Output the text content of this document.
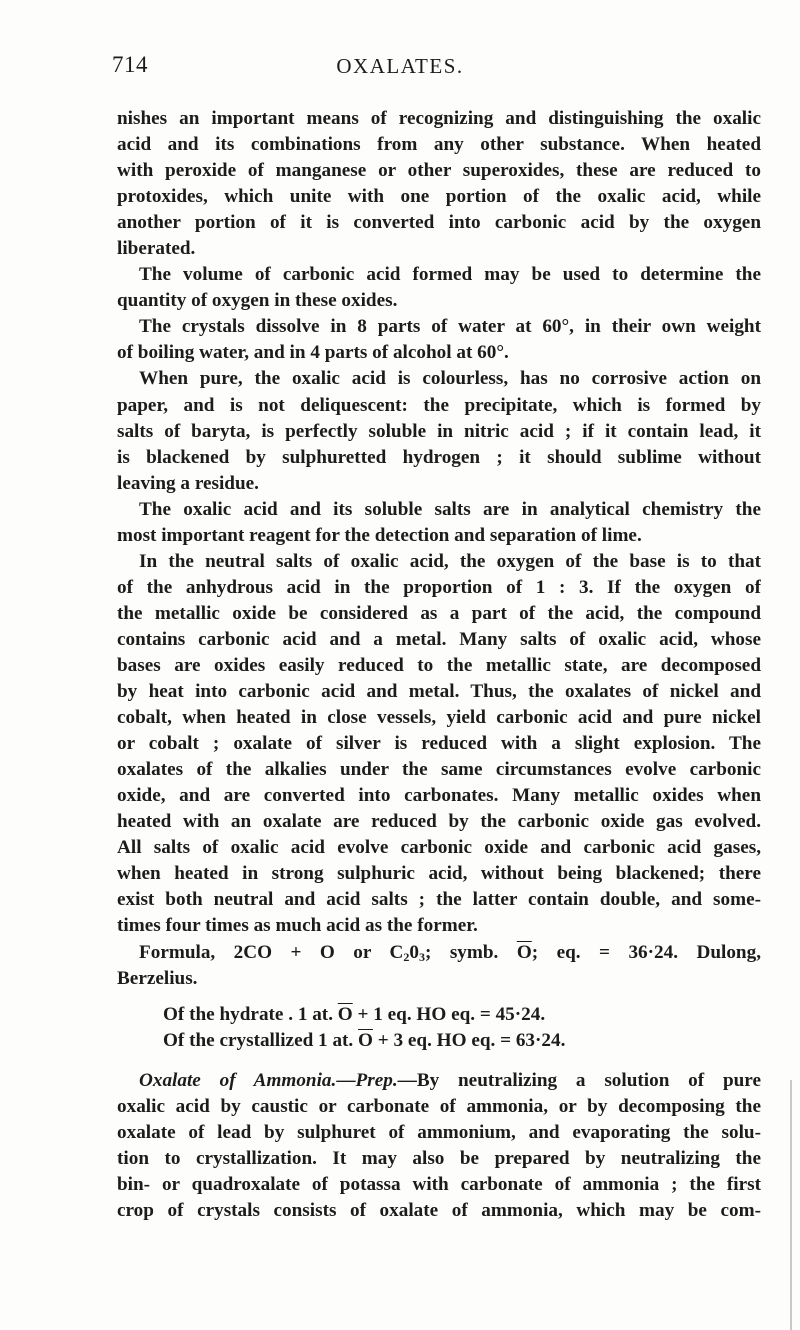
714	OXALATES.
nishes an important means of recognizing and distinguishing the oxalic
acid and its combinations from any other substance. When heated
with peroxide of manganese or other superoxides, these are reduced to
protoxides, which unite with one portion of the oxalic acid, while
another portion of it is converted into carbonic acid by the oxygen
liberated.
The volume of carbonic acid formed may be used to determine the
quantity of oxygen in these oxides.
The crystals dissolve in 8 parts of water at 60°, in their own weight
of boiling water, and in 4 parts of alcohol at 60°.
When pure, the oxalic acid is colourless, has no corrosive action on
paper, and is not deliquescent: the precipitate, which is formed by
salts of baryta, is perfectly soluble in nitric acid ; if it contain lead, it
is blackened by sulphuretted hydrogen ; it should sublime without
leaving a residue.
The oxalic acid and its soluble salts are in analytical chemistry the
most important reagent for the detection and separation of lime.
In the neutral salts of oxalic acid, the oxygen of the base is to that
of the anhydrous acid in the proportion of 1 : 3. If the oxygen of
the metallic oxide be considered as a part of the acid, the compound
contains carbonic acid and a metal. Many salts of oxalic acid, whose
bases are oxides easily reduced to the metallic state, are decomposed
by heat into carbonic acid and metal. Thus, the oxalates of nickel and
cobalt, when heated in close vessels, yield carbonic acid and pure nickel
or cobalt ; oxalate of silver is reduced with a slight explosion. The
oxalates of the alkalies under the same circumstances evolve carbonic
oxide, and are converted into carbonates. Many metallic oxides when
heated with an oxalate are reduced by the carbonic oxide gas evolved.
All salts of oxalic acid evolve carbonic oxide and carbonic acid gases,
when heated in strong sulphuric acid, without being blackened; there
exist both neutral and acid salts ; the latter contain double, and some-
times four times as much acid as the former.
Formula, 2CO + O or $C_20_3$; symb. $\overline{O}$; eq. = 36·24. Dulong,
Berzelius.
Of the hydrate . 1 at. $\overline{O} + 1$ eq. HO eq. = 45·24.
Of the crystallized 1 at. $\overline{O} + 3$ eq. HO eq. = 63·24.
Oxalate of Ammonia.—Prep.—By neutralizing a solution of pure
oxalic acid by caustic or carbonate of ammonia, or by decomposing the
oxalate of lead by sulphuret of ammonium, and evaporating the solu-
tion to crystallization. It may also be prepared by neutralizing the
bin- or quadroxalate of potassa with carbonate of ammonia ; the first
crop of crystals consists of oxalate of ammonia, which may be com-
